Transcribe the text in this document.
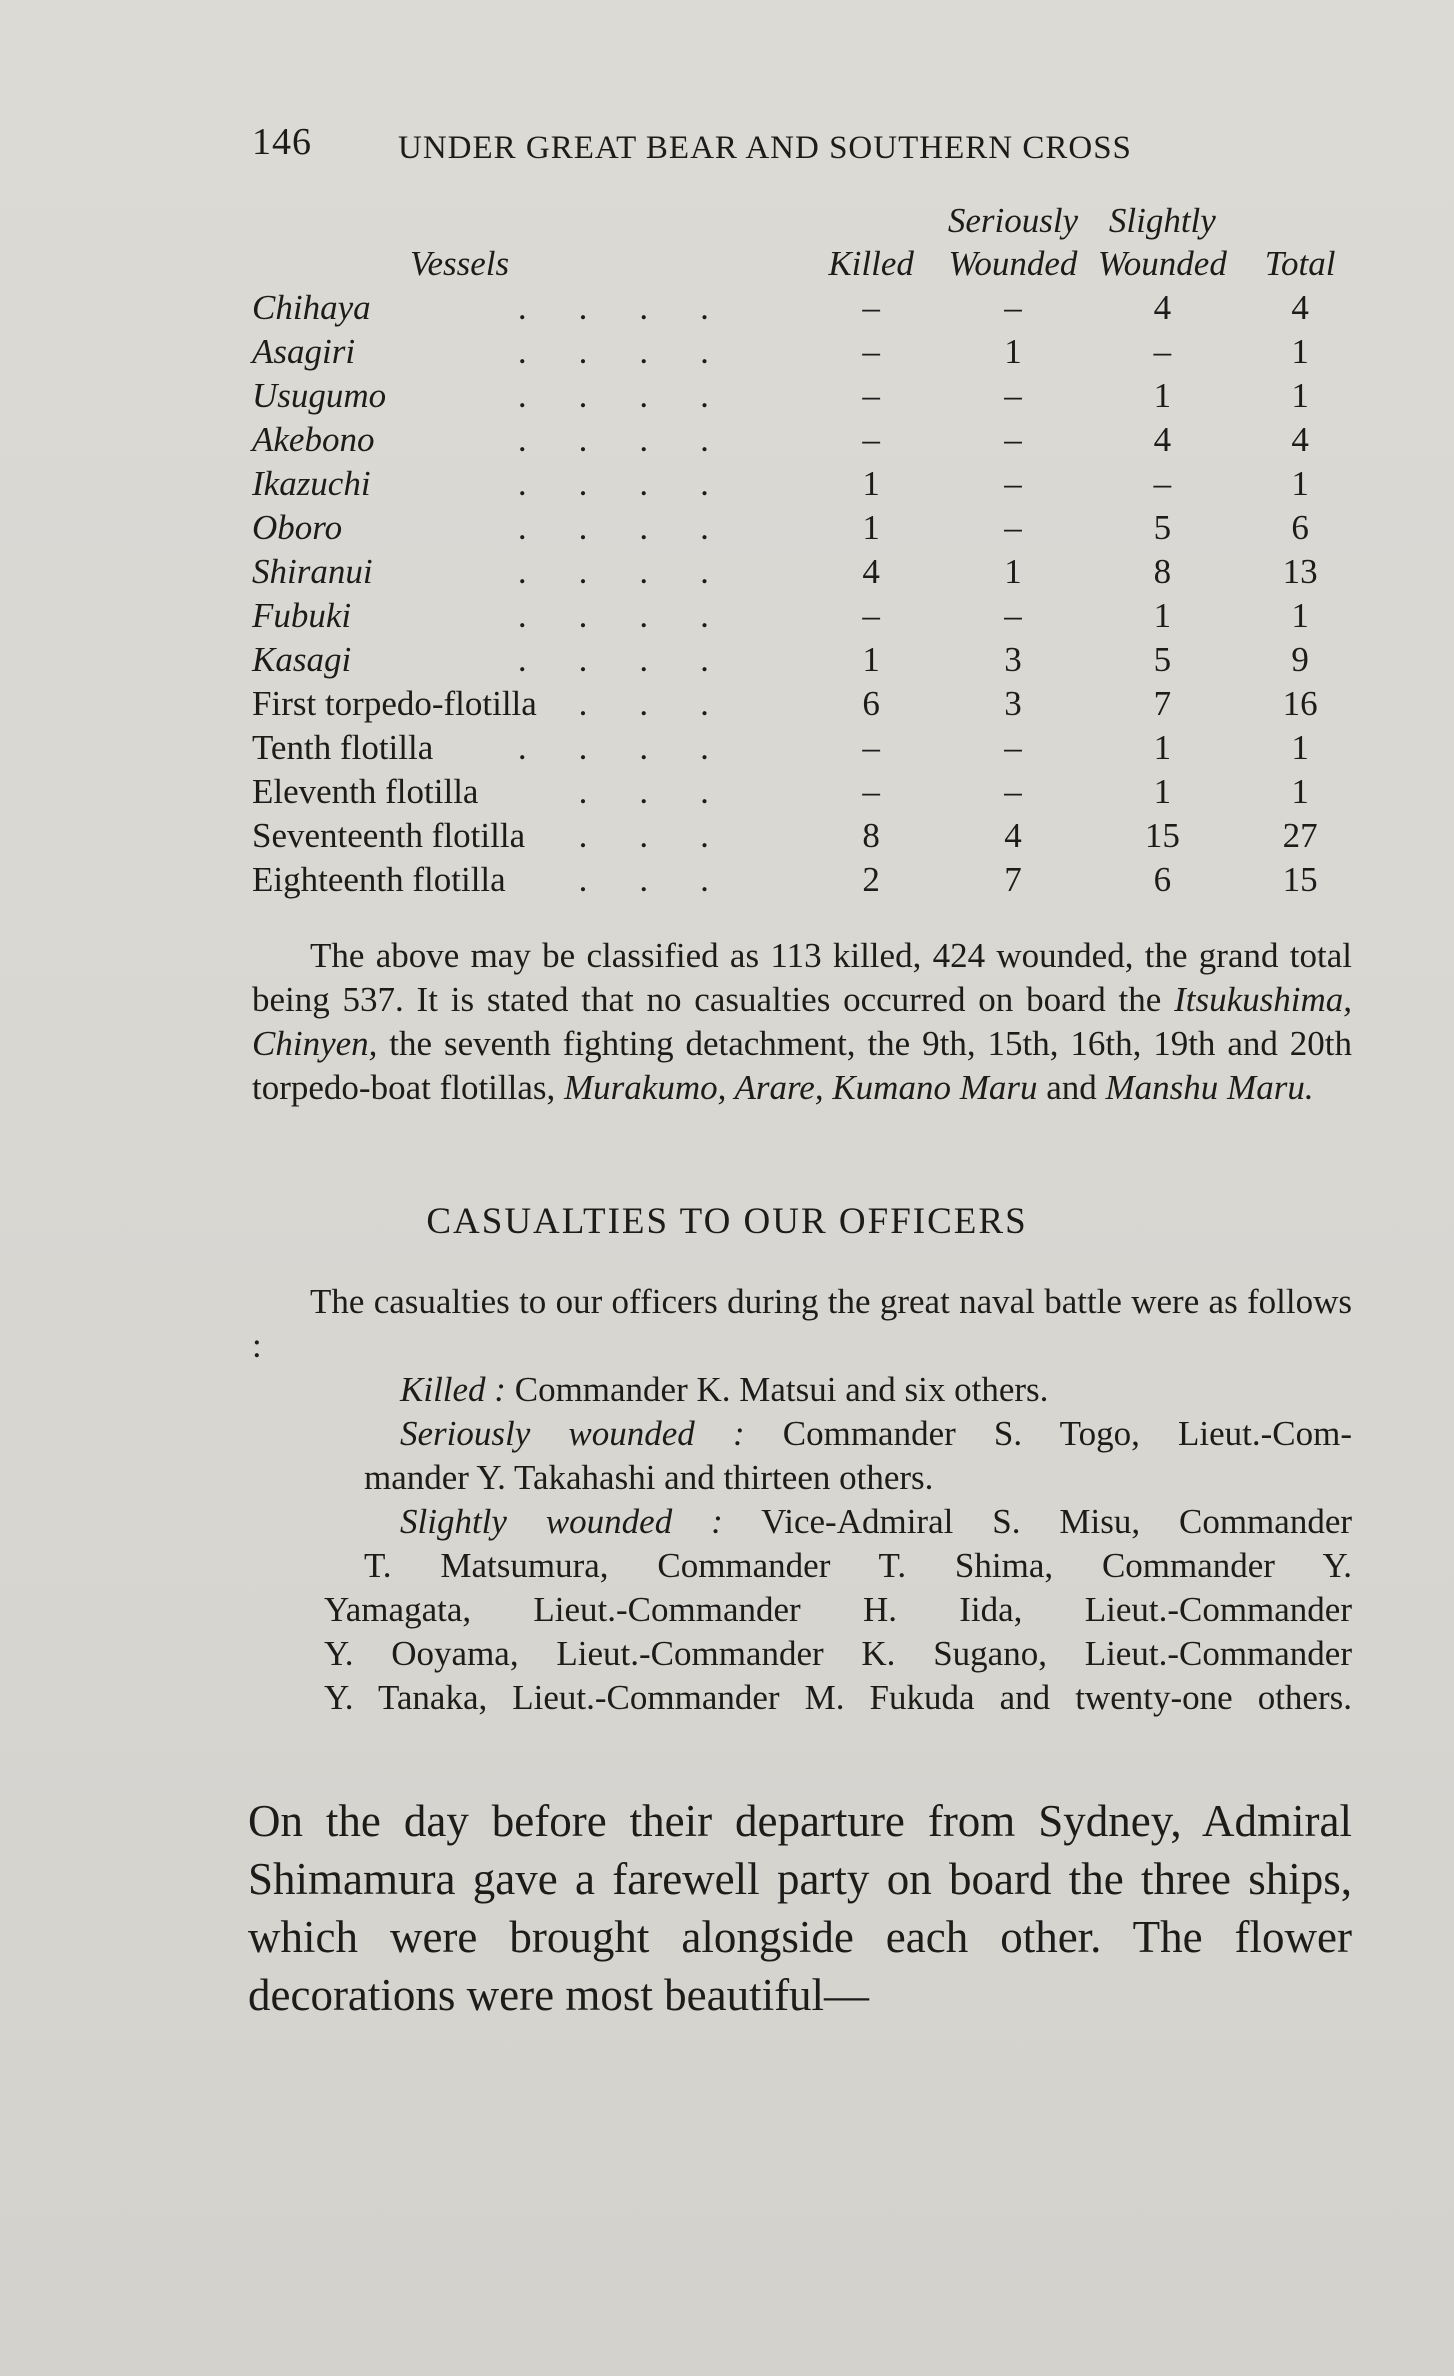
146	UNDER GREAT BEAR AND SOUTHERN CROSS
		Seriously	Slightly	
Vessels	Killed	Wounded	Wounded	Total
Chihaya ....	–	–	4	4
Asagiri ....	–	1	–	1
Usugumo ....	–	–	1	1
Akebono ....	–	–	4	4
Ikazuchi ....	1	–	–	1
Oboro ....	1	–	5	6
Shiranui ....	4	1	8	13
Fubuki ....	–	–	1	1
Kasagi ....	1	3	5	9
First torpedo-flotilla ...	6	3	7	16
Tenth flotilla ....	–	–	1	1
Eleventh flotilla ...	–	–	1	1
Seventeenth flotilla ...	8	4	15	27
Eighteenth flotilla ...	2	7	6	15
The above may be classified as 113 killed, 424 wounded, the grand total being 537. It is stated that no casualties occurred on board the Itsukushima, Chinyen, the seventh fighting detachment, the 9th, 15th, 16th, 19th and 20th torpedo-boat flotillas, Murakumo, Arare, Kumano Maru and Manshu Maru.
CASUALTIES TO OUR OFFICERS
The casualties to our officers during the great naval battle were as follows :
Killed : Commander K. Matsui and six others.
Seriously wounded : Commander S. Togo, Lieut.-Com-
mander Y. Takahashi and thirteen others.
Slightly wounded : Vice-Admiral S. Misu, Commander
T. Matsumura, Commander T. Shima, Commander Y.
Yamagata, Lieut.-Commander H. Iida, Lieut.-Commander
Y. Ooyama, Lieut.-Commander K. Sugano, Lieut.-Commander
Y. Tanaka, Lieut.-Commander M. Fukuda and twenty-one others.
On the day before their departure from Sydney, Admiral Shimamura gave a farewell party on board the three ships, which were brought alongside each other. The flower decorations were most beautiful—
